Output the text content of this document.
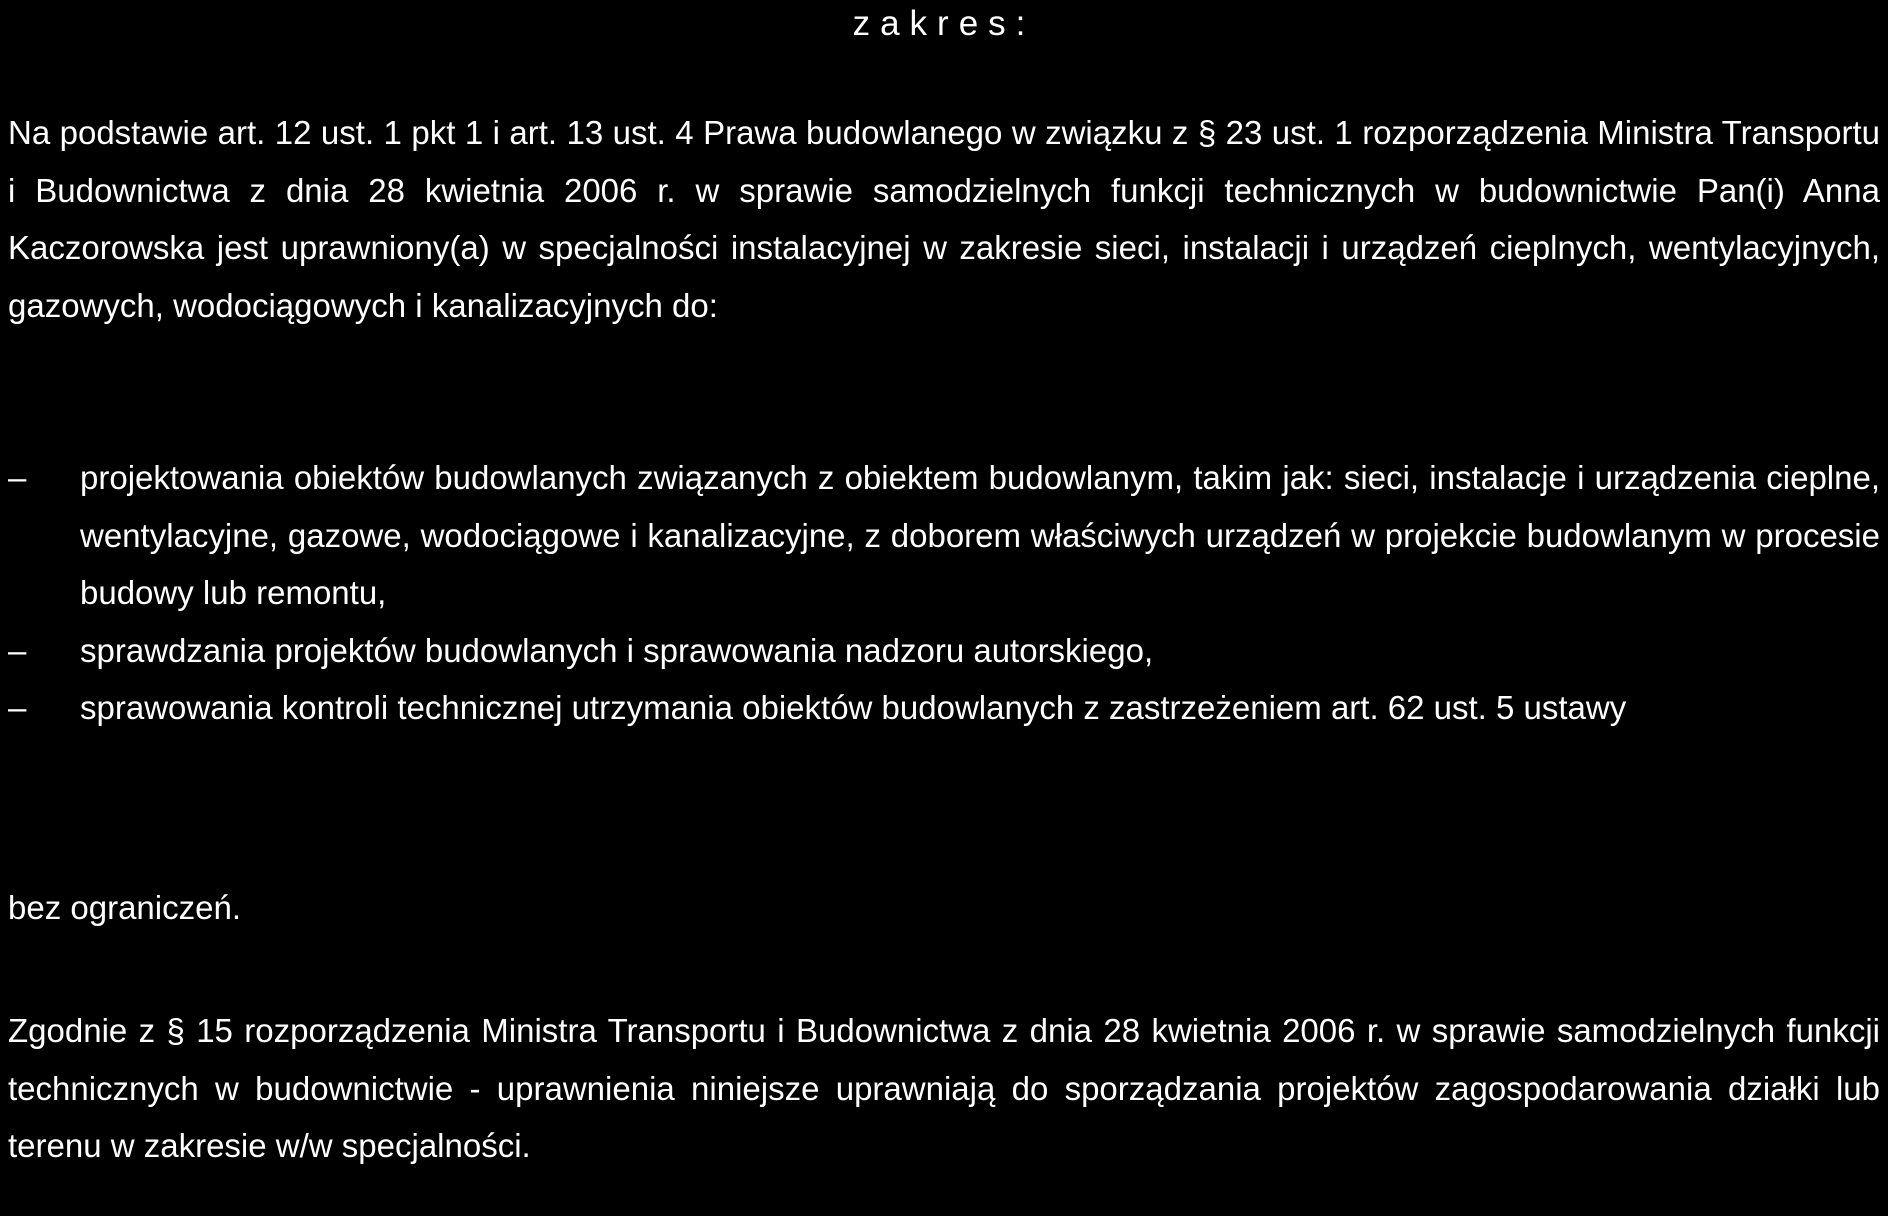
zakres:

Na podstawie art. 12 ust. 1 pkt 1 i art. 13 ust. 4 Prawa budowlanego w związku z § 23 ust. 1 rozporządzenia Ministra Transportu i Budownictwa z dnia 28 kwietnia 2006 r. w sprawie samodzielnych funkcji technicznych w budownictwie Pan(i) Anna Kaczorowska jest uprawniony(a) w specjalności instalacyjnej w zakresie sieci, instalacji i urządzeń cieplnych, wentylacyjnych, gazowych, wodociągowych i kanalizacyjnych do:

– projektowania obiektów budowlanych związanych z obiektem budowlanym, takim jak: sieci, instalacje i urządzenia cieplne, wentylacyjne, gazowe, wodociągowe i kanalizacyjne, z doborem właściwych urządzeń w projekcie budowlanym w procesie budowy lub remontu,
– sprawdzania projektów budowlanych i sprawowania nadzoru autorskiego,
– sprawowania kontroli technicznej utrzymania obiektów budowlanych z zastrzeżeniem art. 62 ust. 5 ustawy
bez ograniczeń.

Zgodnie z § 15 rozporządzenia Ministra Transportu i Budownictwa z dnia 28 kwietnia 2006 r. w sprawie samodzielnych funkcji technicznych w budownictwie - uprawnienia niniejsze uprawniają do sporządzania projektów zagospodarowania działki lub terenu w zakresie w/w specjalności.
